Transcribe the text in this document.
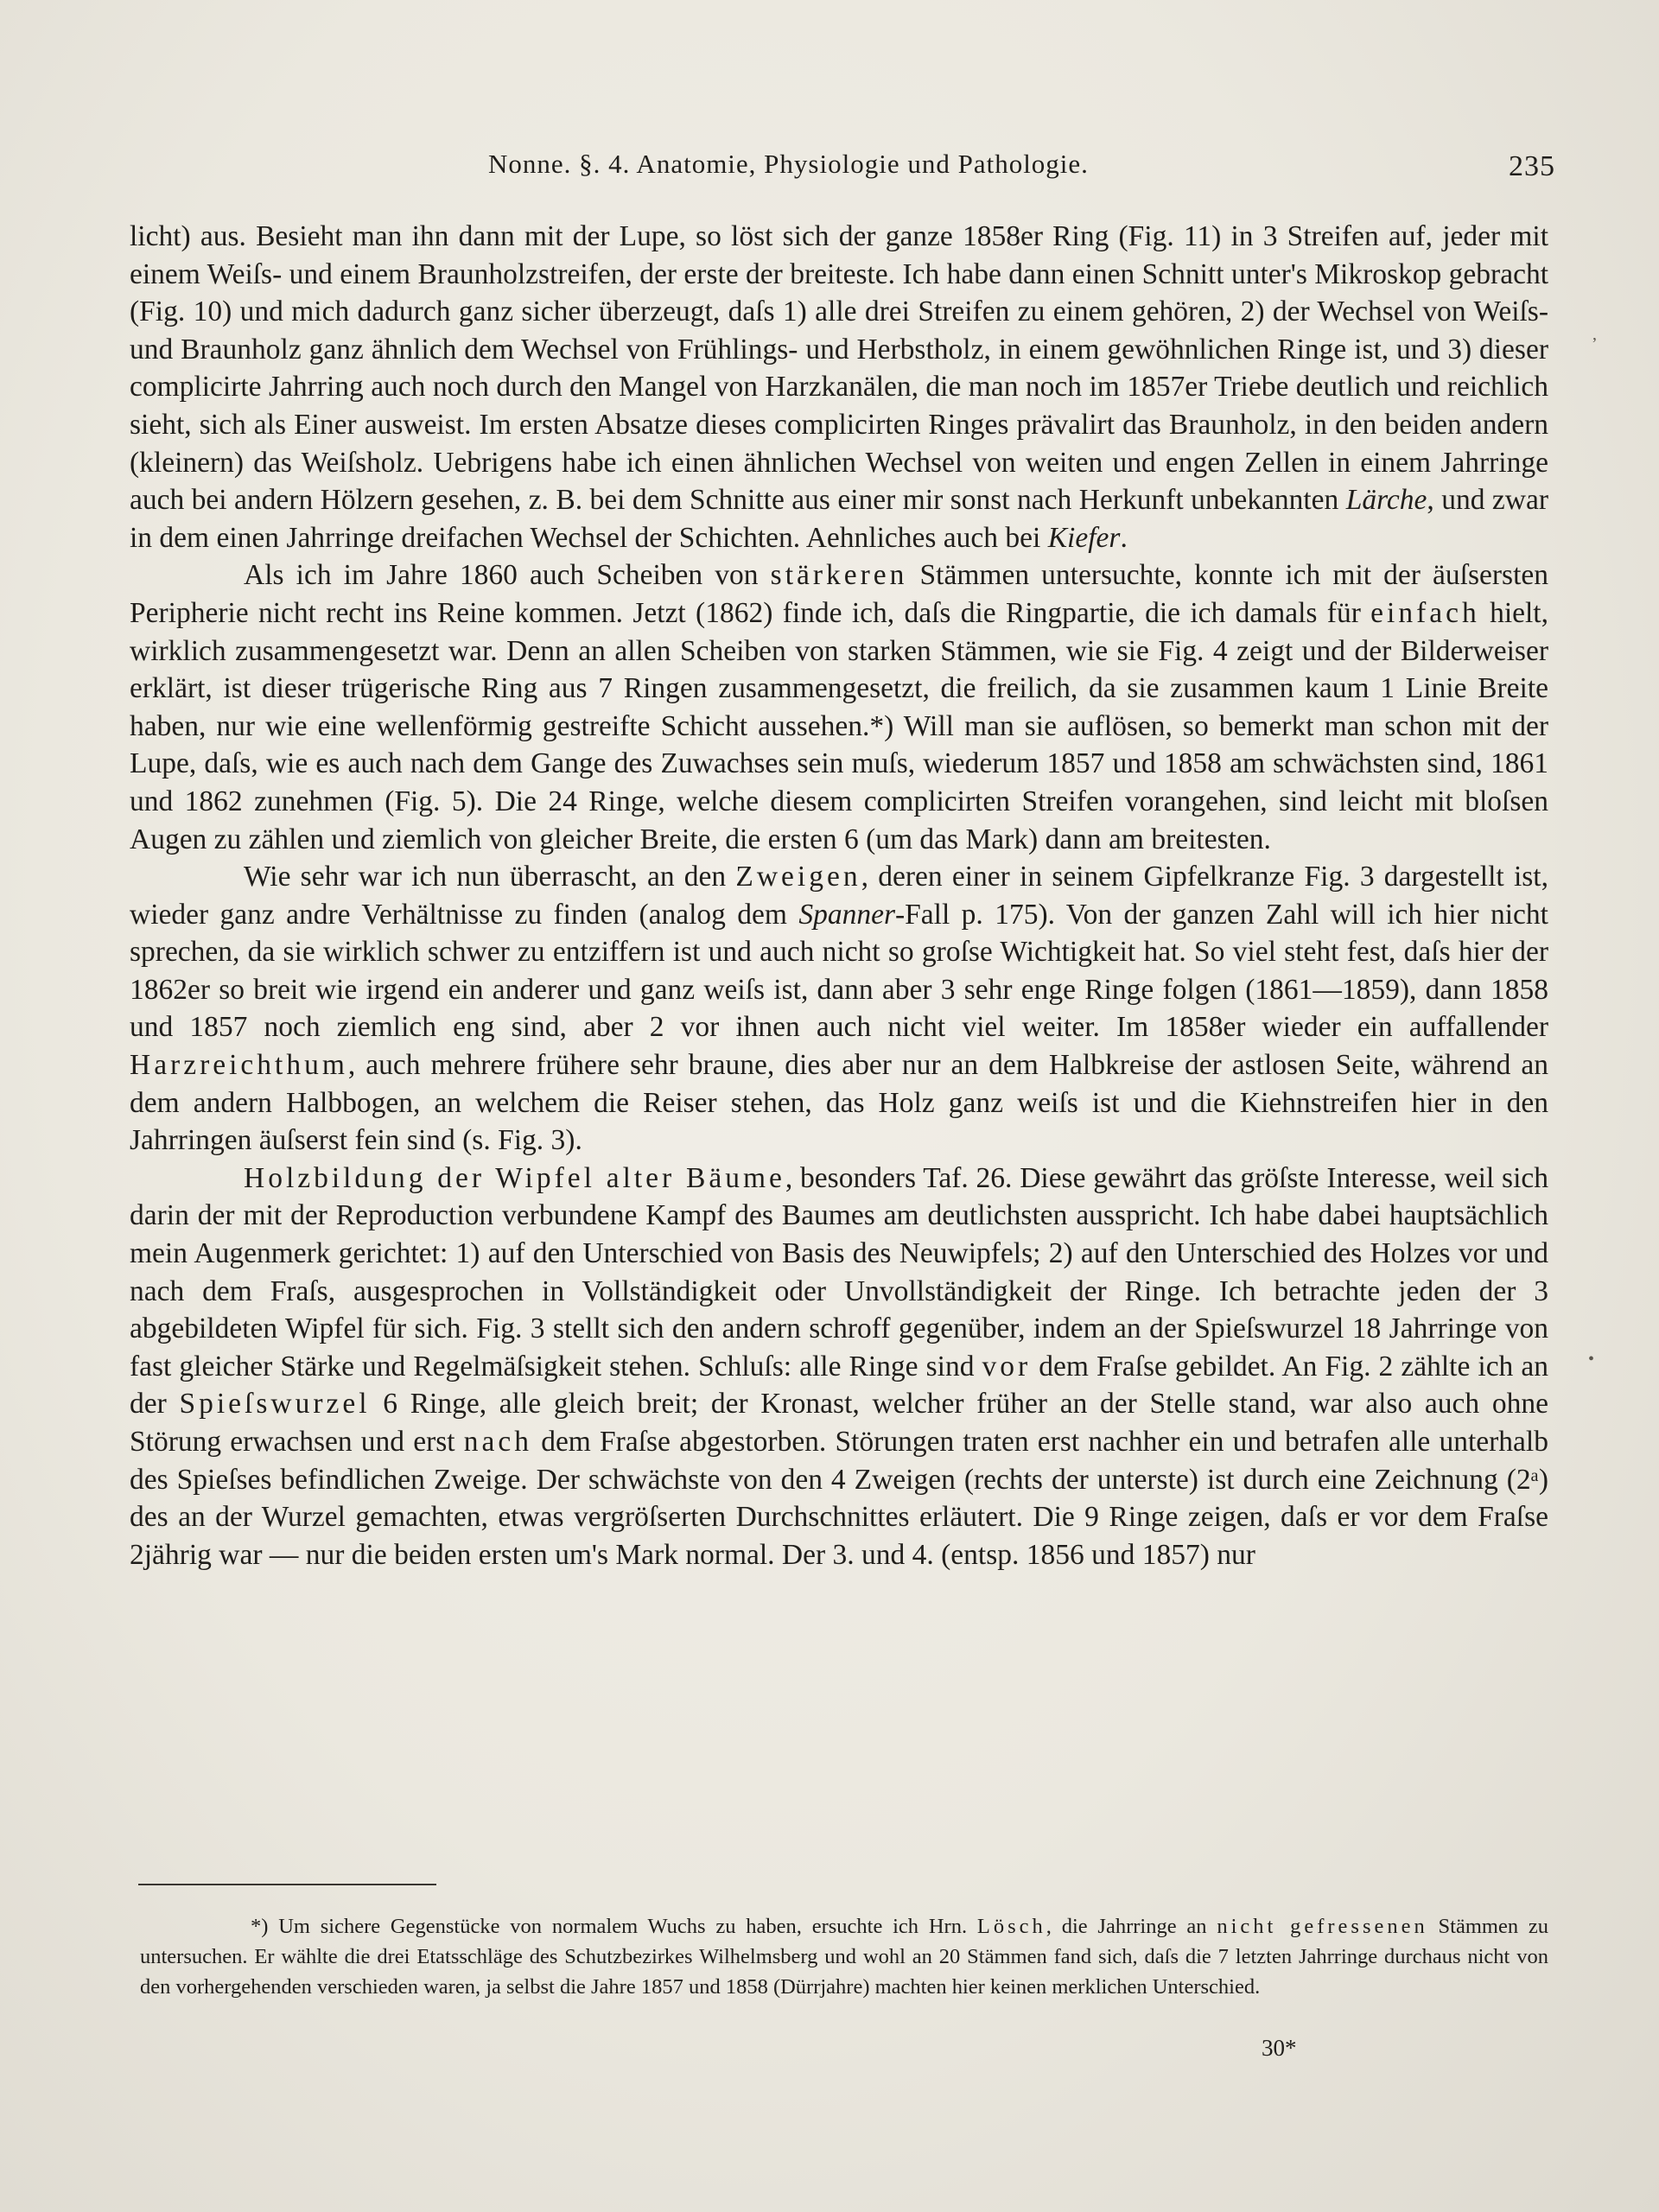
Nonne. §. 4. Anatomie, Physiologie und Pathologie.	235

licht) aus. Besieht man ihn dann mit der Lupe, so löst sich der ganze 1858er Ring (Fig. 11) in 3 Streifen auf, jeder mit einem Weiſs- und einem Braunholzstreifen, der erste der breiteste. Ich habe dann einen Schnitt unter's Mikroskop gebracht (Fig. 10) und mich dadurch ganz sicher überzeugt, daſs 1) alle drei Streifen zu einem gehören, 2) der Wechsel von Weiſs- und Braunholz ganz ähnlich dem Wechsel von Frühlings- und Herbstholz, in einem gewöhnlichen Ringe ist, und 3) dieser complicirte Jahrring auch noch durch den Mangel von Harzkanälen, die man noch im 1857er Triebe deutlich und reichlich sieht, sich als Einer ausweist. Im ersten Absatze dieses complicirten Ringes prävalirt das Braunholz, in den beiden andern (kleinern) das Weiſsholz. Uebrigens habe ich einen ähnlichen Wechsel von weiten und engen Zellen in einem Jahrringe auch bei andern Hölzern gesehen, z. B. bei dem Schnitte aus einer mir sonst nach Herkunft unbekannten Lärche, und zwar in dem einen Jahrringe dreifachen Wechsel der Schichten. Aehnliches auch bei Kiefer.

Als ich im Jahre 1860 auch Scheiben von stärkeren Stämmen untersuchte, konnte ich mit der äuſsersten Peripherie nicht recht ins Reine kommen. Jetzt (1862) finde ich, daſs die Ringpartie, die ich damals für einfach hielt, wirklich zusammengesetzt war. Denn an allen Scheiben von starken Stämmen, wie sie Fig. 4 zeigt und der Bilderweiser erklärt, ist dieser trügerische Ring aus 7 Ringen zusammengesetzt, die freilich, da sie zusammen kaum 1 Linie Breite haben, nur wie eine wellenförmig gestreifte Schicht aussehen.*) Will man sie auflösen, so bemerkt man schon mit der Lupe, daſs, wie es auch nach dem Gange des Zuwachses sein muſs, wiederum 1857 und 1858 am schwächsten sind, 1861 und 1862 zunehmen (Fig. 5). Die 24 Ringe, welche diesem complicirten Streifen vorangehen, sind leicht mit bloſsen Augen zu zählen und ziemlich von gleicher Breite, die ersten 6 (um das Mark) dann am breitesten.

Wie sehr war ich nun überrascht, an den Zweigen, deren einer in seinem Gipfelkranze Fig. 3 dargestellt ist, wieder ganz andre Verhältnisse zu finden (analog dem Spanner-Fall p. 175). Von der ganzen Zahl will ich hier nicht sprechen, da sie wirklich schwer zu entziffern ist und auch nicht so groſse Wichtigkeit hat. So viel steht fest, daſs hier der 1862er so breit wie irgend ein anderer und ganz weiſs ist, dann aber 3 sehr enge Ringe folgen (1861—1859), dann 1858 und 1857 noch ziemlich eng sind, aber 2 vor ihnen auch nicht viel weiter. Im 1858er wieder ein auffallender Harzreichthum, auch mehrere frühere sehr braune, dies aber nur an dem Halbkreise der astlosen Seite, während an dem andern Halbbogen, an welchem die Reiser stehen, das Holz ganz weiſs ist und die Kiehnstreifen hier in den Jahrringen äuſserst fein sind (s. Fig. 3).

Holzbildung der Wipfel alter Bäume, besonders Taf. 26. Diese gewährt das gröſste Interesse, weil sich darin der mit der Reproduction verbundene Kampf des Baumes am deutlichsten ausspricht. Ich habe dabei hauptsächlich mein Augenmerk gerichtet: 1) auf den Unterschied von Basis des Neuwipfels; 2) auf den Unterschied des Holzes vor und nach dem Fraſs, ausgesprochen in Vollständigkeit oder Unvollständigkeit der Ringe. Ich betrachte jeden der 3 abgebildeten Wipfel für sich. Fig. 3 stellt sich den andern schroff gegenüber, indem an der Spieſswurzel 18 Jahrringe von fast gleicher Stärke und Regelmäſsigkeit stehen. Schluſs: alle Ringe sind vor dem Fraſse gebildet. An Fig. 2 zählte ich an der Spieſswurzel 6 Ringe, alle gleich breit; der Kronast, welcher früher an der Stelle stand, war also auch ohne Störung erwachsen und erst nach dem Fraſse abgestorben. Störungen traten erst nachher ein und betrafen alle unterhalb des Spieſses befindlichen Zweige. Der schwächste von den 4 Zweigen (rechts der unterste) ist durch eine Zeichnung (2ᵃ) des an der Wurzel gemachten, etwas vergröſserten Durchschnittes erläutert. Die 9 Ringe zeigen, daſs er vor dem Fraſse 2jährig war — nur die beiden ersten um's Mark normal. Der 3. und 4. (entsp. 1856 und 1857) nur

*) Um sichere Gegenstücke von normalem Wuchs zu haben, ersuchte ich Hrn. Lösch, die Jahrringe an nicht gefressenen Stämmen zu untersuchen. Er wählte die drei Etatsschläge des Schutzbezirkes Wilhelmsberg und wohl an 20 Stämmen fand sich, daſs die 7 letzten Jahrringe durchaus nicht von den vorhergehenden verschieden waren, ja selbst die Jahre 1857 und 1858 (Dürrjahre) machten hier keinen merklichen Unterschied.
30*
‚
•
